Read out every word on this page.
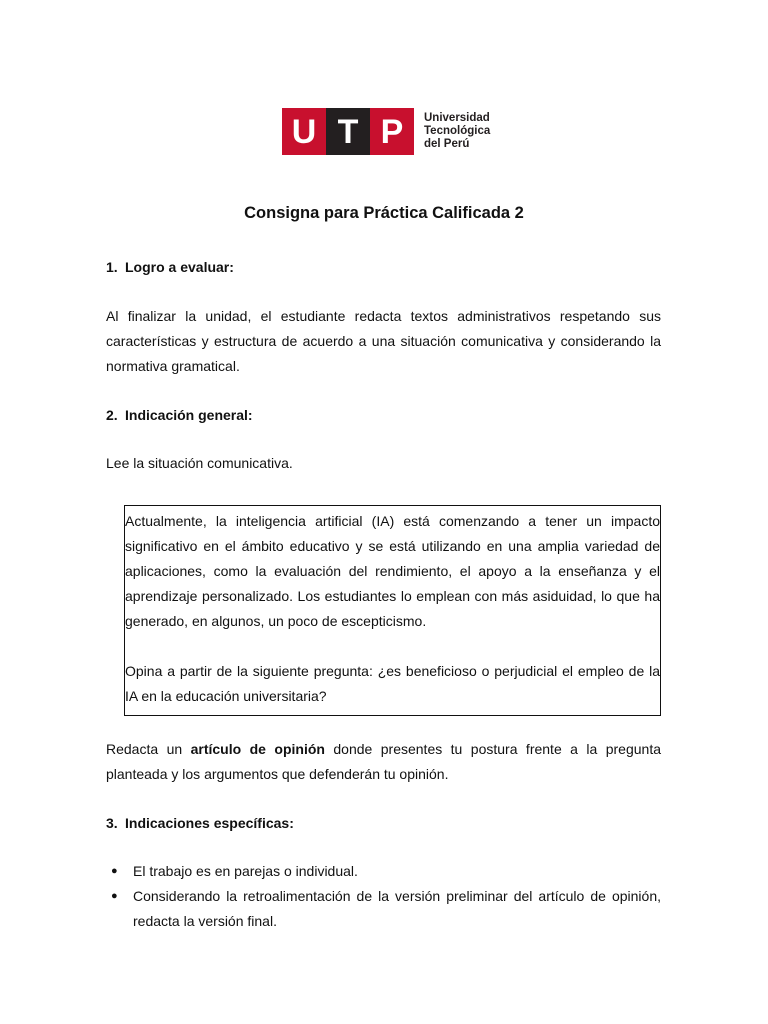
U T P	Universidad
Tecnológica
del Perú
Consigna para Práctica Calificada 2
1. Logro a evaluar:

Al finalizar la unidad, el estudiante redacta textos administrativos respetando sus características y estructura de acuerdo a una situación comunicativa y considerando la normativa gramatical.

2. Indicación general:

Lee la situación comunicativa.

Actualmente, la inteligencia artificial (IA) está comenzando a tener un impacto significativo en el ámbito educativo y se está utilizando en una amplia variedad de aplicaciones, como la evaluación del rendimiento, el apoyo a la enseñanza y el aprendizaje personalizado. Los estudiantes lo emplean con más asiduidad, lo que ha generado, en algunos, un poco de escepticismo.

Opina a partir de la siguiente pregunta: ¿es beneficioso o perjudicial el empleo de la IA en la educación universitaria?

Redacta un artículo de opinión donde presentes tu postura frente a la pregunta planteada y los argumentos que defenderán tu opinión.

3. Indicaciones específicas:
● El trabajo es en parejas o individual.
● Considerando la retroalimentación de la versión preliminar del artículo de opinión, redacta la versión final.
